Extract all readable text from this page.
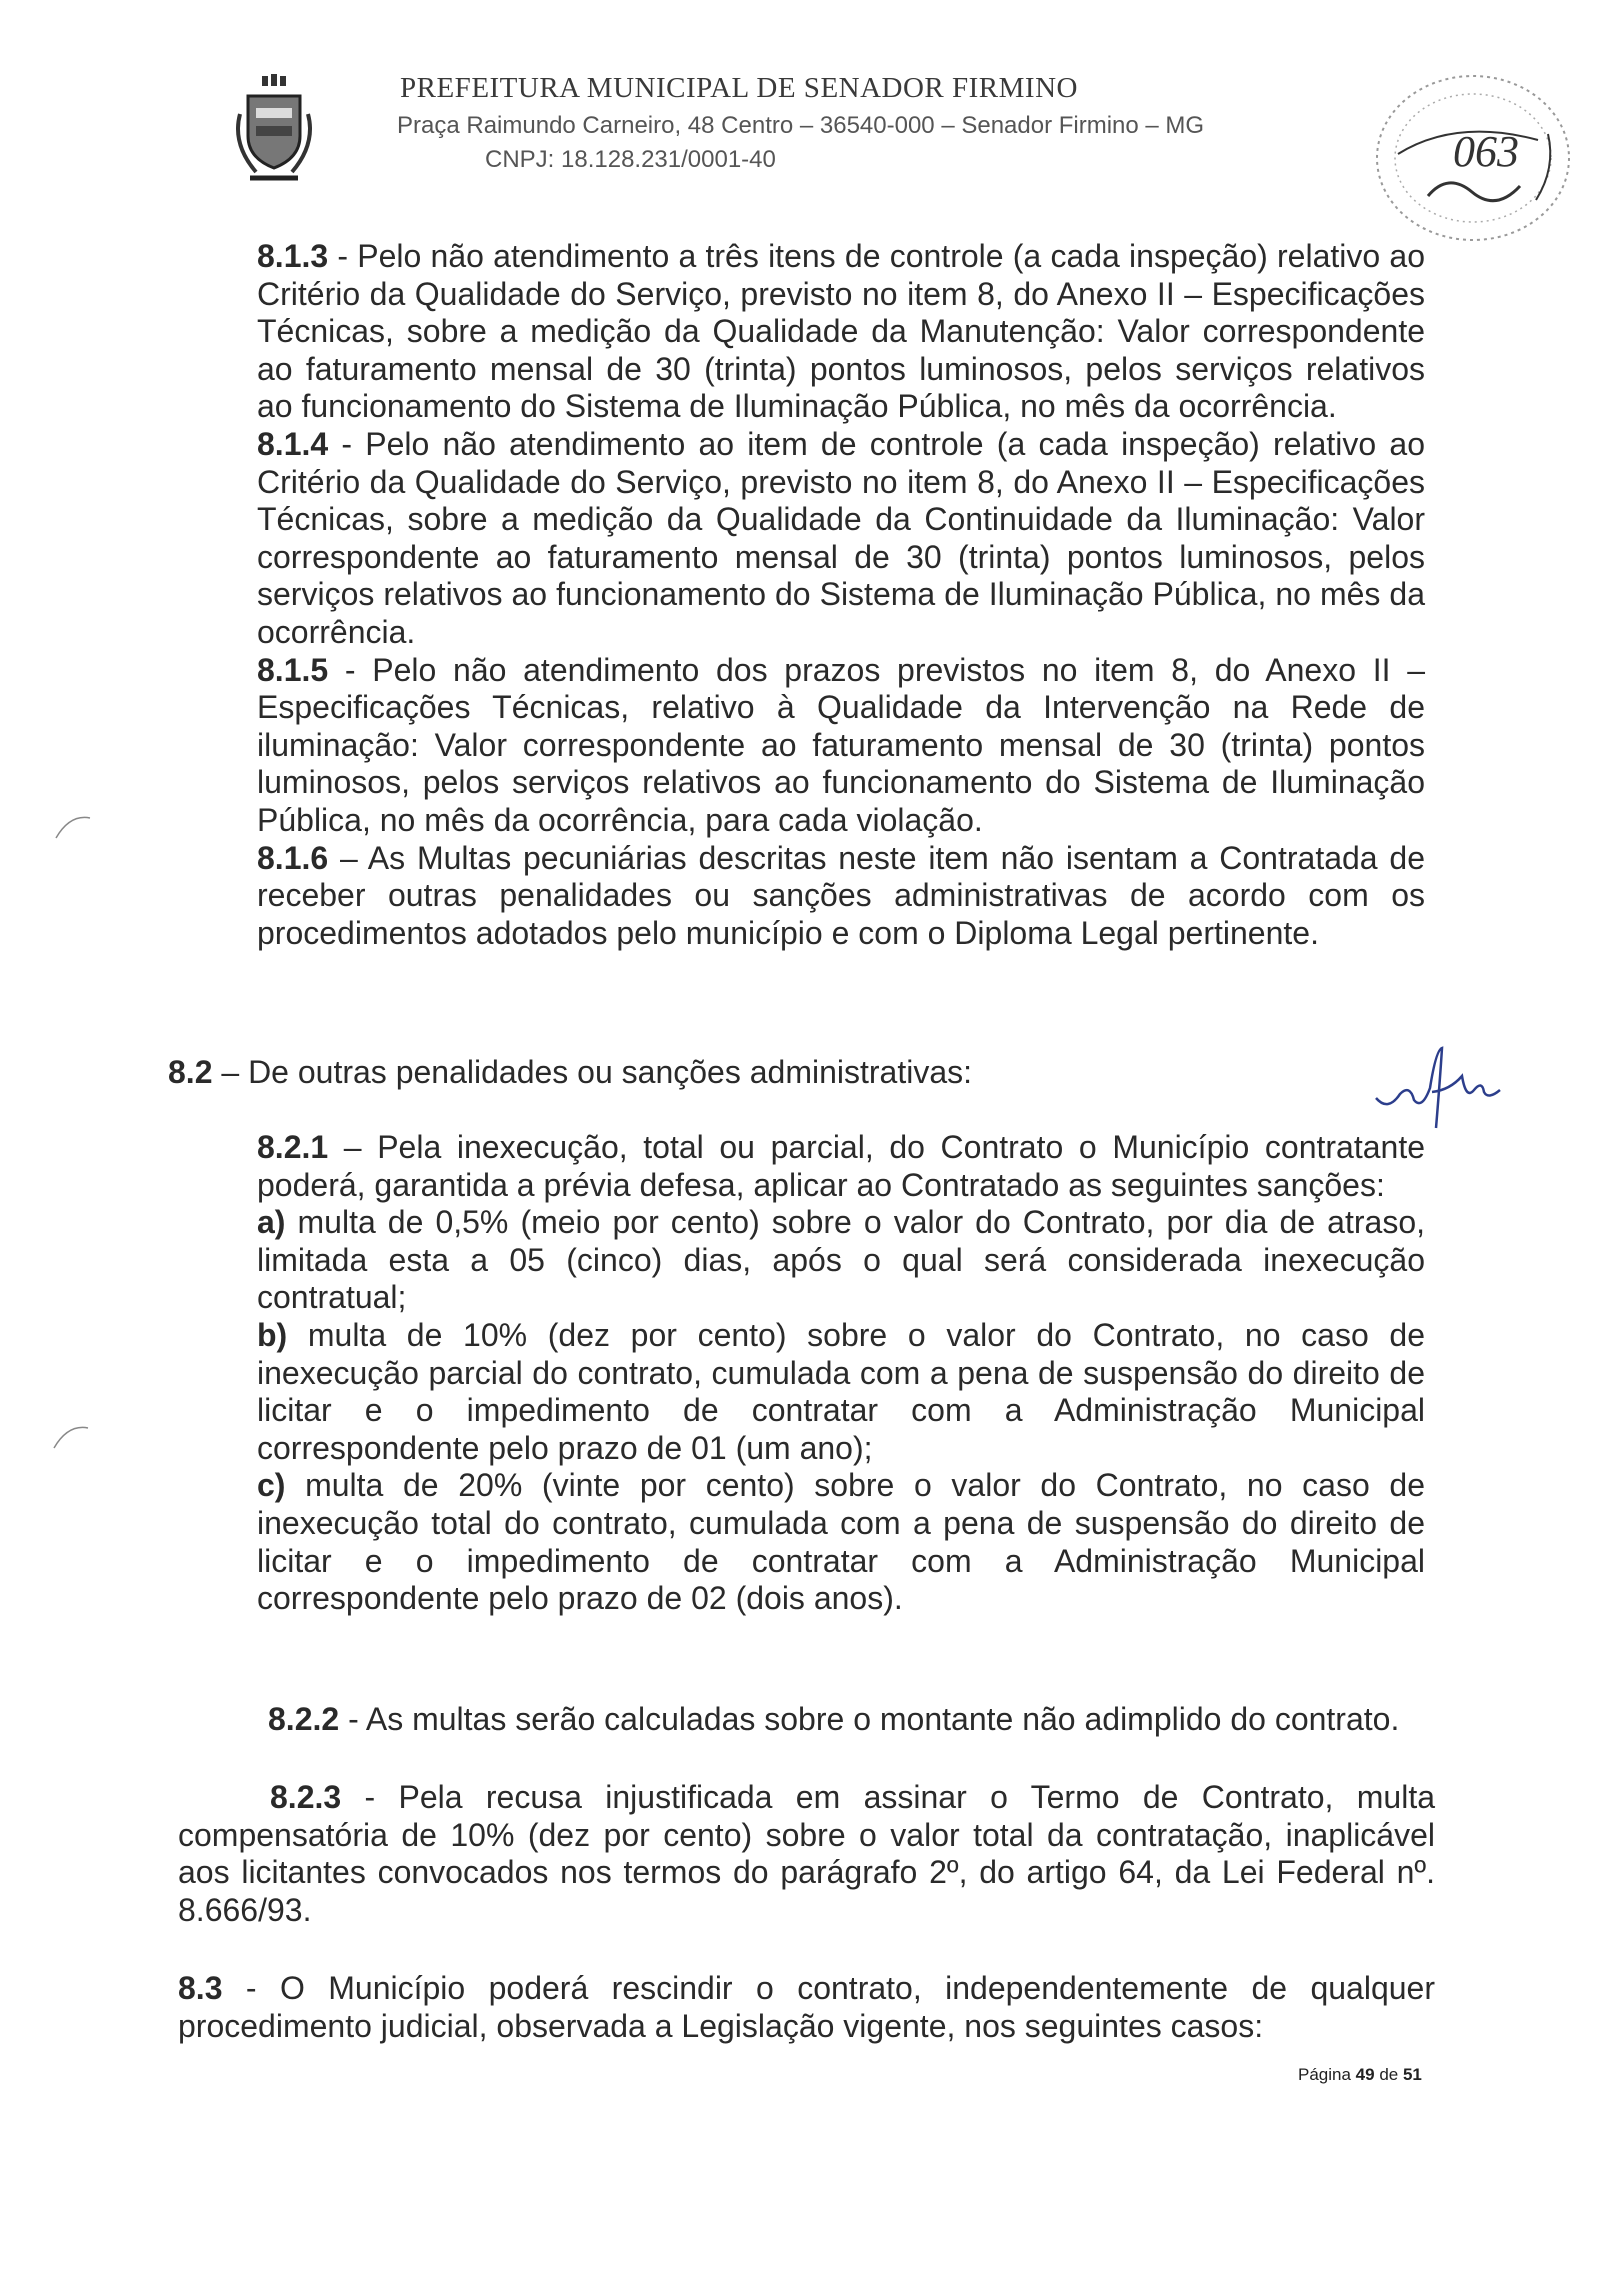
PREFEITURA MUNICIPAL DE SENADOR FIRMINO
Praça Raimundo Carneiro, 48 Centro – 36540-000 – Senador Firmino – MG
CNPJ: 18.128.231/0001-40	063

8.1.3 - Pelo não atendimento a três itens de controle (a cada inspeção) relativo ao Critério da Qualidade do Serviço, previsto no item 8, do Anexo II – Especificações Técnicas, sobre a medição da Qualidade da Manutenção: Valor correspondente ao faturamento mensal de 30 (trinta) pontos luminosos, pelos serviços relativos ao funcionamento do Sistema de Iluminação Pública, no mês da ocorrência.

8.1.4 - Pelo não atendimento ao item de controle (a cada inspeção) relativo ao Critério da Qualidade do Serviço, previsto no item 8, do Anexo II – Especificações Técnicas, sobre a medição da Qualidade da Continuidade da Iluminação: Valor correspondente ao faturamento mensal de 30 (trinta) pontos luminosos, pelos serviços relativos ao funcionamento do Sistema de Iluminação Pública, no mês da ocorrência.

8.1.5 - Pelo não atendimento dos prazos previstos no item 8, do Anexo II – Especificações Técnicas, relativo à Qualidade da Intervenção na Rede de iluminação: Valor correspondente ao faturamento mensal de 30 (trinta) pontos luminosos, pelos serviços relativos ao funcionamento do Sistema de Iluminação Pública, no mês da ocorrência, para cada violação.

8.1.6 – As Multas pecuniárias descritas neste item não isentam a Contratada de receber outras penalidades ou sanções administrativas de acordo com os procedimentos adotados pelo município e com o Diploma Legal pertinente.

8.2 – De outras penalidades ou sanções administrativas:

8.2.1 – Pela inexecução, total ou parcial, do Contrato o Município contratante poderá, garantida a prévia defesa, aplicar ao Contratado as seguintes sanções:

a) multa de 0,5% (meio por cento) sobre o valor do Contrato, por dia de atraso, limitada esta a 05 (cinco) dias, após o qual será considerada inexecução contratual;

b) multa de 10% (dez por cento) sobre o valor do Contrato, no caso de inexecução parcial do contrato, cumulada com a pena de suspensão do direito de licitar e o impedimento de contratar com a Administração Municipal correspondente pelo prazo de 01 (um ano);

c) multa de 20% (vinte por cento) sobre o valor do Contrato, no caso de inexecução total do contrato, cumulada com a pena de suspensão do direito de licitar e o impedimento de contratar com a Administração Municipal correspondente pelo prazo de 02 (dois anos).

8.2.2 - As multas serão calculadas sobre o montante não adimplido do contrato.

8.2.3 - Pela recusa injustificada em assinar o Termo de Contrato, multa compensatória de 10% (dez por cento) sobre o valor total da contratação, inaplicável aos licitantes convocados nos termos do parágrafo 2º, do artigo 64, da Lei Federal nº. 8.666/93.

8.3 - O Município poderá rescindir o contrato, independentemente de qualquer procedimento judicial, observada a Legislação vigente, nos seguintes casos:

Página 49 de 51
